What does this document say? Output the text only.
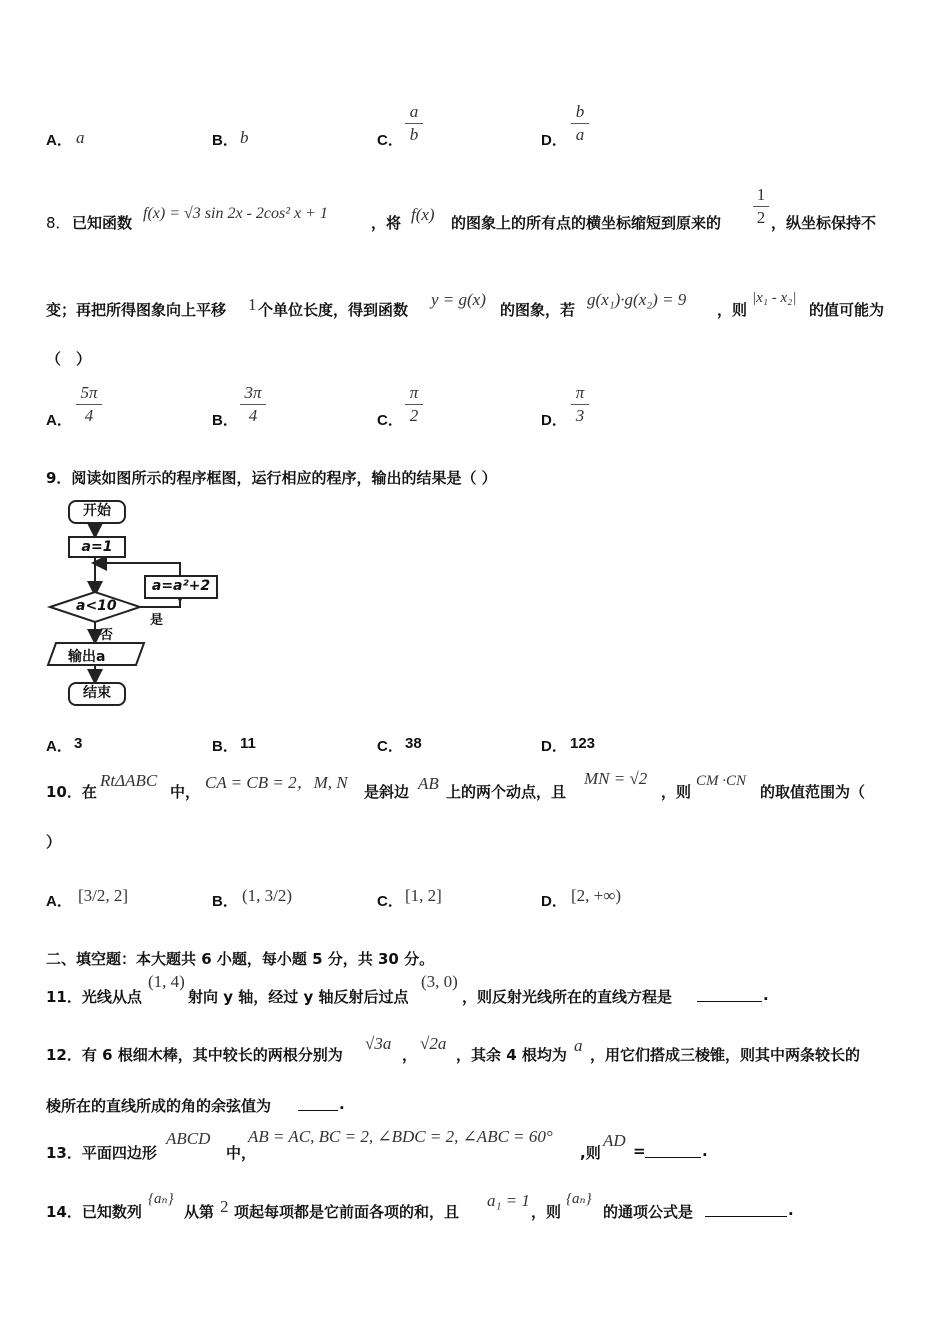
A． a	B． b	C．
a
b	D．
b
a
8． 已知函数
f(x) = √3 sin 2x - 2cos² x + 1
，将 f(x) 的图象上的所有点的横坐标缩短到原来的
1
2 ，纵坐标保持不
变；再把所得图象向上平移 1 个单位长度，得到函数
y = g(x)
的图象，若
g(x₁)·g(x₂) = 9
，则
|x₁ - x₂|
的值可能为
（　）
A．
5π
4	B．
3π
4	C．
π
2	D．
π
3
9．阅读如图所示的程序框图，运行相应的程序，输出的结果是（ ）
开始
a=1
a=a²+2
a<10
是
否
输出a
结束
A． 3	B． 11	C． 38	D． 123
10．在
RtΔABC
中， CA = CB = 2，M, N 是斜边 AB 上的两个动点，且
MN = √2
，则
CM ·CN
的取值范围为（
）
A． [3/2, 2]	B． (1, 3/2)	C． [1, 2]	D． [2, +∞)
二、填空题：本大题共 6 小题，每小题 5 分，共 30 分。
11．光线从点
(1, 4)
射向 y 轴，经过 y 轴反射后过点
(3, 0)
，则反射光线所在的直线方程是	.
12．有 6 根细木棒，其中较长的两根分别为
√3a
，
√2a
，其余 4 根均为 a ，用它们搭成三棱锥，则其中两条较长的
棱所在的直线所成的角的余弦值为	.
13．平面四边形
ABCD
中，
AB = AC, BC = 2, ∠BDC = 2, ∠ABC = 60°
,则
AD
=	.
14．已知数列
{aₙ}
从第 2 项起每项都是它前面各项的和，且
a₁ = 1
，则
{aₙ}
的通项公式是	.
